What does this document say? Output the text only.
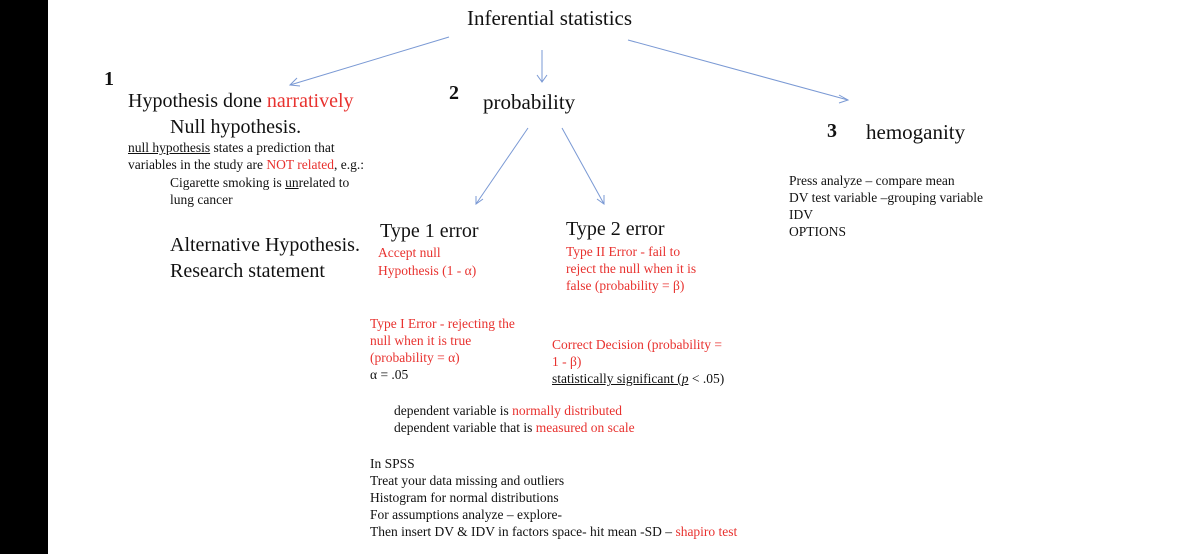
Inferential statistics
1
Hypothesis done narratively
Null hypothesis.
null hypothesis states a prediction that
variables in the study are NOT related, e.g.:
Cigarette smoking is unrelated to
lung cancer
Alternative Hypothesis.
Research statement
2 probability
Type 1 error
Accept null
Hypothesis (1 - α)
Type 2 error
Type II Error - fail to
reject the null when it is
false (probability = β)
Type I Error - rejecting the
null when it is true
(probability = α)
α = .05
Correct Decision (probability =
1 - β)
statistically significant (p < .05)
dependent variable is normally distributed
dependent variable that is measured on scale
In SPSS
Treat your data missing and outliers
Histogram for normal distributions
For assumptions analyze – explore-
Then insert DV & IDV in factors space- hit mean -SD – shapiro test
3 hemoganity
Press analyze – compare mean
DV test variable –grouping variable
IDV
OPTIONS
